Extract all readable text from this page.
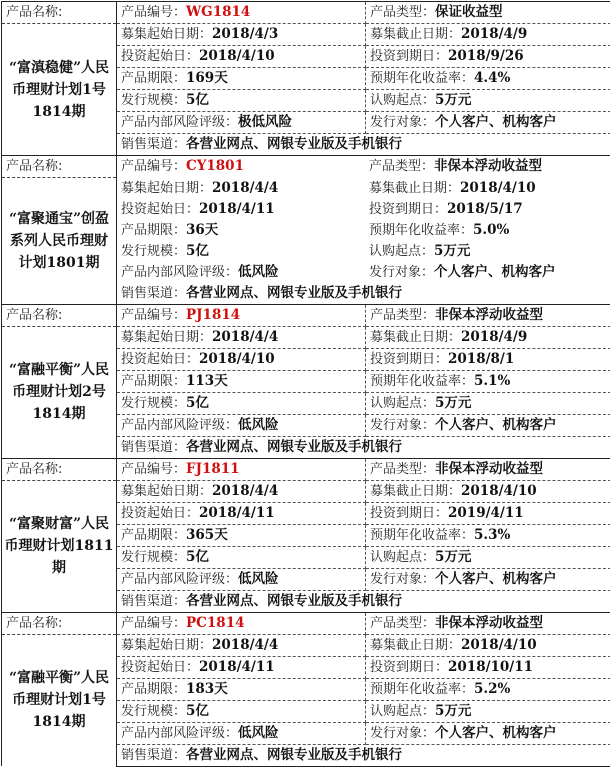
产品名称:	产品编号：WG1814	产品类型：保证收益型
“富滇稳健”人民币理财计划1号1814期	募集起始日期：2018/4/3	募集截止日期：2018/4/9
	投资起始日：2018/4/10	投资到期日：2018/9/26
	产品期限：169天	预期年化收益率：4.4%
	发行规模：5亿	认购起点：5万元
	产品内部风险评级：极低风险	发行对象：个人客户、机构客户
	销售渠道：各营业网点、网银专业版及手机银行	
产品名称:	产品编号：CY1801	产品类型：非保本浮动收益型
“富聚通宝”创盈系列人民币理财计划1801期	募集起始日期：2018/4/4	募集截止日期：2018/4/10
	投资起始日：2018/4/11	投资到期日：2018/5/17
	产品期限：36天	预期年化收益率：5.0%
	发行规模：5亿	认购起点：5万元
	产品内部风险评级：低风险	发行对象：个人客户、机构客户
	销售渠道：各营业网点、网银专业版及手机银行	
产品名称:	产品编号：PJ1814	产品类型：非保本浮动收益型
“富融平衡”人民币理财计划2号1814期	募集起始日期：2018/4/4	募集截止日期：2018/4/9
	投资起始日：2018/4/10	投资到期日：2018/8/1
	产品期限：113天	预期年化收益率：5.1%
	发行规模：5亿	认购起点：5万元
	产品内部风险评级：低风险	发行对象：个人客户、机构客户
	销售渠道：各营业网点、网银专业版及手机银行	
产品名称:	产品编号：FJ1811	产品类型：非保本浮动收益型
“富聚财富”人民币理财计划1811期	募集起始日期：2018/4/4	募集截止日期：2018/4/10
	投资起始日：2018/4/11	投资到期日：2019/4/11
	产品期限：365天	预期年化收益率：5.3%
	发行规模：5亿	认购起点：5万元
	产品内部风险评级：低风险	发行对象：个人客户、机构客户
	销售渠道：各营业网点、网银专业版及手机银行	
产品名称:	产品编号：PC1814	产品类型：非保本浮动收益型
“富融平衡”人民币理财计划1号1814期	募集起始日期：2018/4/4	募集截止日期：2018/4/10
	投资起始日：2018/4/11	投资到期日：2018/10/11
	产品期限：183天	预期年化收益率：5.2%
	发行规模：5亿	认购起点：5万元
	产品内部风险评级：低风险	发行对象：个人客户、机构客户
	销售渠道：各营业网点、网银专业版及手机银行	
